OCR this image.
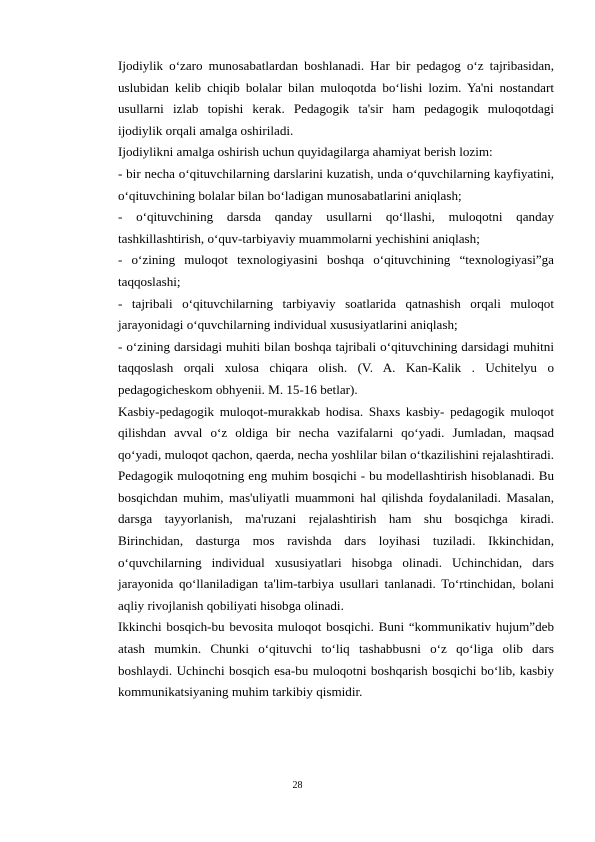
Ijodiylik o‘zaro munosabatlardan boshlanadi. Har bir pedagog o‘z tajribasidan, uslubidan kelib chiqib bolalar bilan muloqotda bo‘lishi lozim. Ya'ni nostandart usullarni izlab topishi kerak. Pedagogik ta'sir ham pedagogik muloqotdagi ijodiylik orqali amalga oshiriladi.

Ijodiylikni amalga oshirish uchun quyidagilarga ahamiyat berish lozim:

- bir necha o‘qituvchilarning darslarini kuzatish, unda o‘quvchilarning kayfiyatini, o‘qituvchining bolalar bilan bo‘ladigan munosabatlarini aniqlash;

- o‘qituvchining darsda qanday usullarni qo‘llashi, muloqotni qanday tashkillashtirish, o‘quv-tarbiyaviy muammolarni yechishini aniqlash;

- o‘zining muloqot texnologiyasini boshqa o‘qituvchining “texnologiyasi”ga taqqoslashi;

- tajribali o‘qituvchilarning tarbiyaviy soatlarida qatnashish orqali muloqot jarayonidagi o‘quvchilarning individual xususiyatlarini aniqlash;

- o‘zining darsidagi muhiti bilan boshqa tajribali o‘qituvchining darsidagi muhitni taqqoslash orqali xulosa chiqara olish. (V. A. Kan-Kalik . Uchitelyu o pedagogicheskom obhyenii. M. 15-16 betlar).

Kasbiy-pedagogik muloqot-murakkab hodisa. Shaxs kasbiy- pedagogik muloqot qilishdan avval o‘z oldiga bir necha vazifalarni qo‘yadi. Jumladan, maqsad qo‘yadi, muloqot qachon, qaerda, necha yoshlilar bilan o‘tkazilishini rejalashtiradi. Pedagogik muloqotning eng muhim bosqichi - bu modellashtirish hisoblanadi. Bu bosqichdan muhim, mas'uliyatli muammoni hal qilishda foydalaniladi. Masalan, darsga tayyorlanish, ma'ruzani rejalashtirish ham shu bosqichga kiradi. Birinchidan, dasturga mos ravishda dars loyihasi tuziladi. Ikkinchidan, o‘quvchilarning individual xususiyatlari hisobga olinadi. Uchinchidan, dars jarayonida qo‘llaniladigan ta'lim-tarbiya usullari tanlanadi. To‘rtinchidan, bolani aqliy rivojlanish qobiliyati hisobga olinadi.

Ikkinchi bosqich-bu bevosita muloqot bosqichi. Buni “kommunikativ hujum”deb atash mumkin. Chunki o‘qituvchi to‘liq tashabbusni o‘z qo‘liga olib dars boshlaydi. Uchinchi bosqich esa-bu muloqotni boshqarish bosqichi bo‘lib, kasbiy kommunikatsiyaning muhim tarkibiy qismidir.

28
